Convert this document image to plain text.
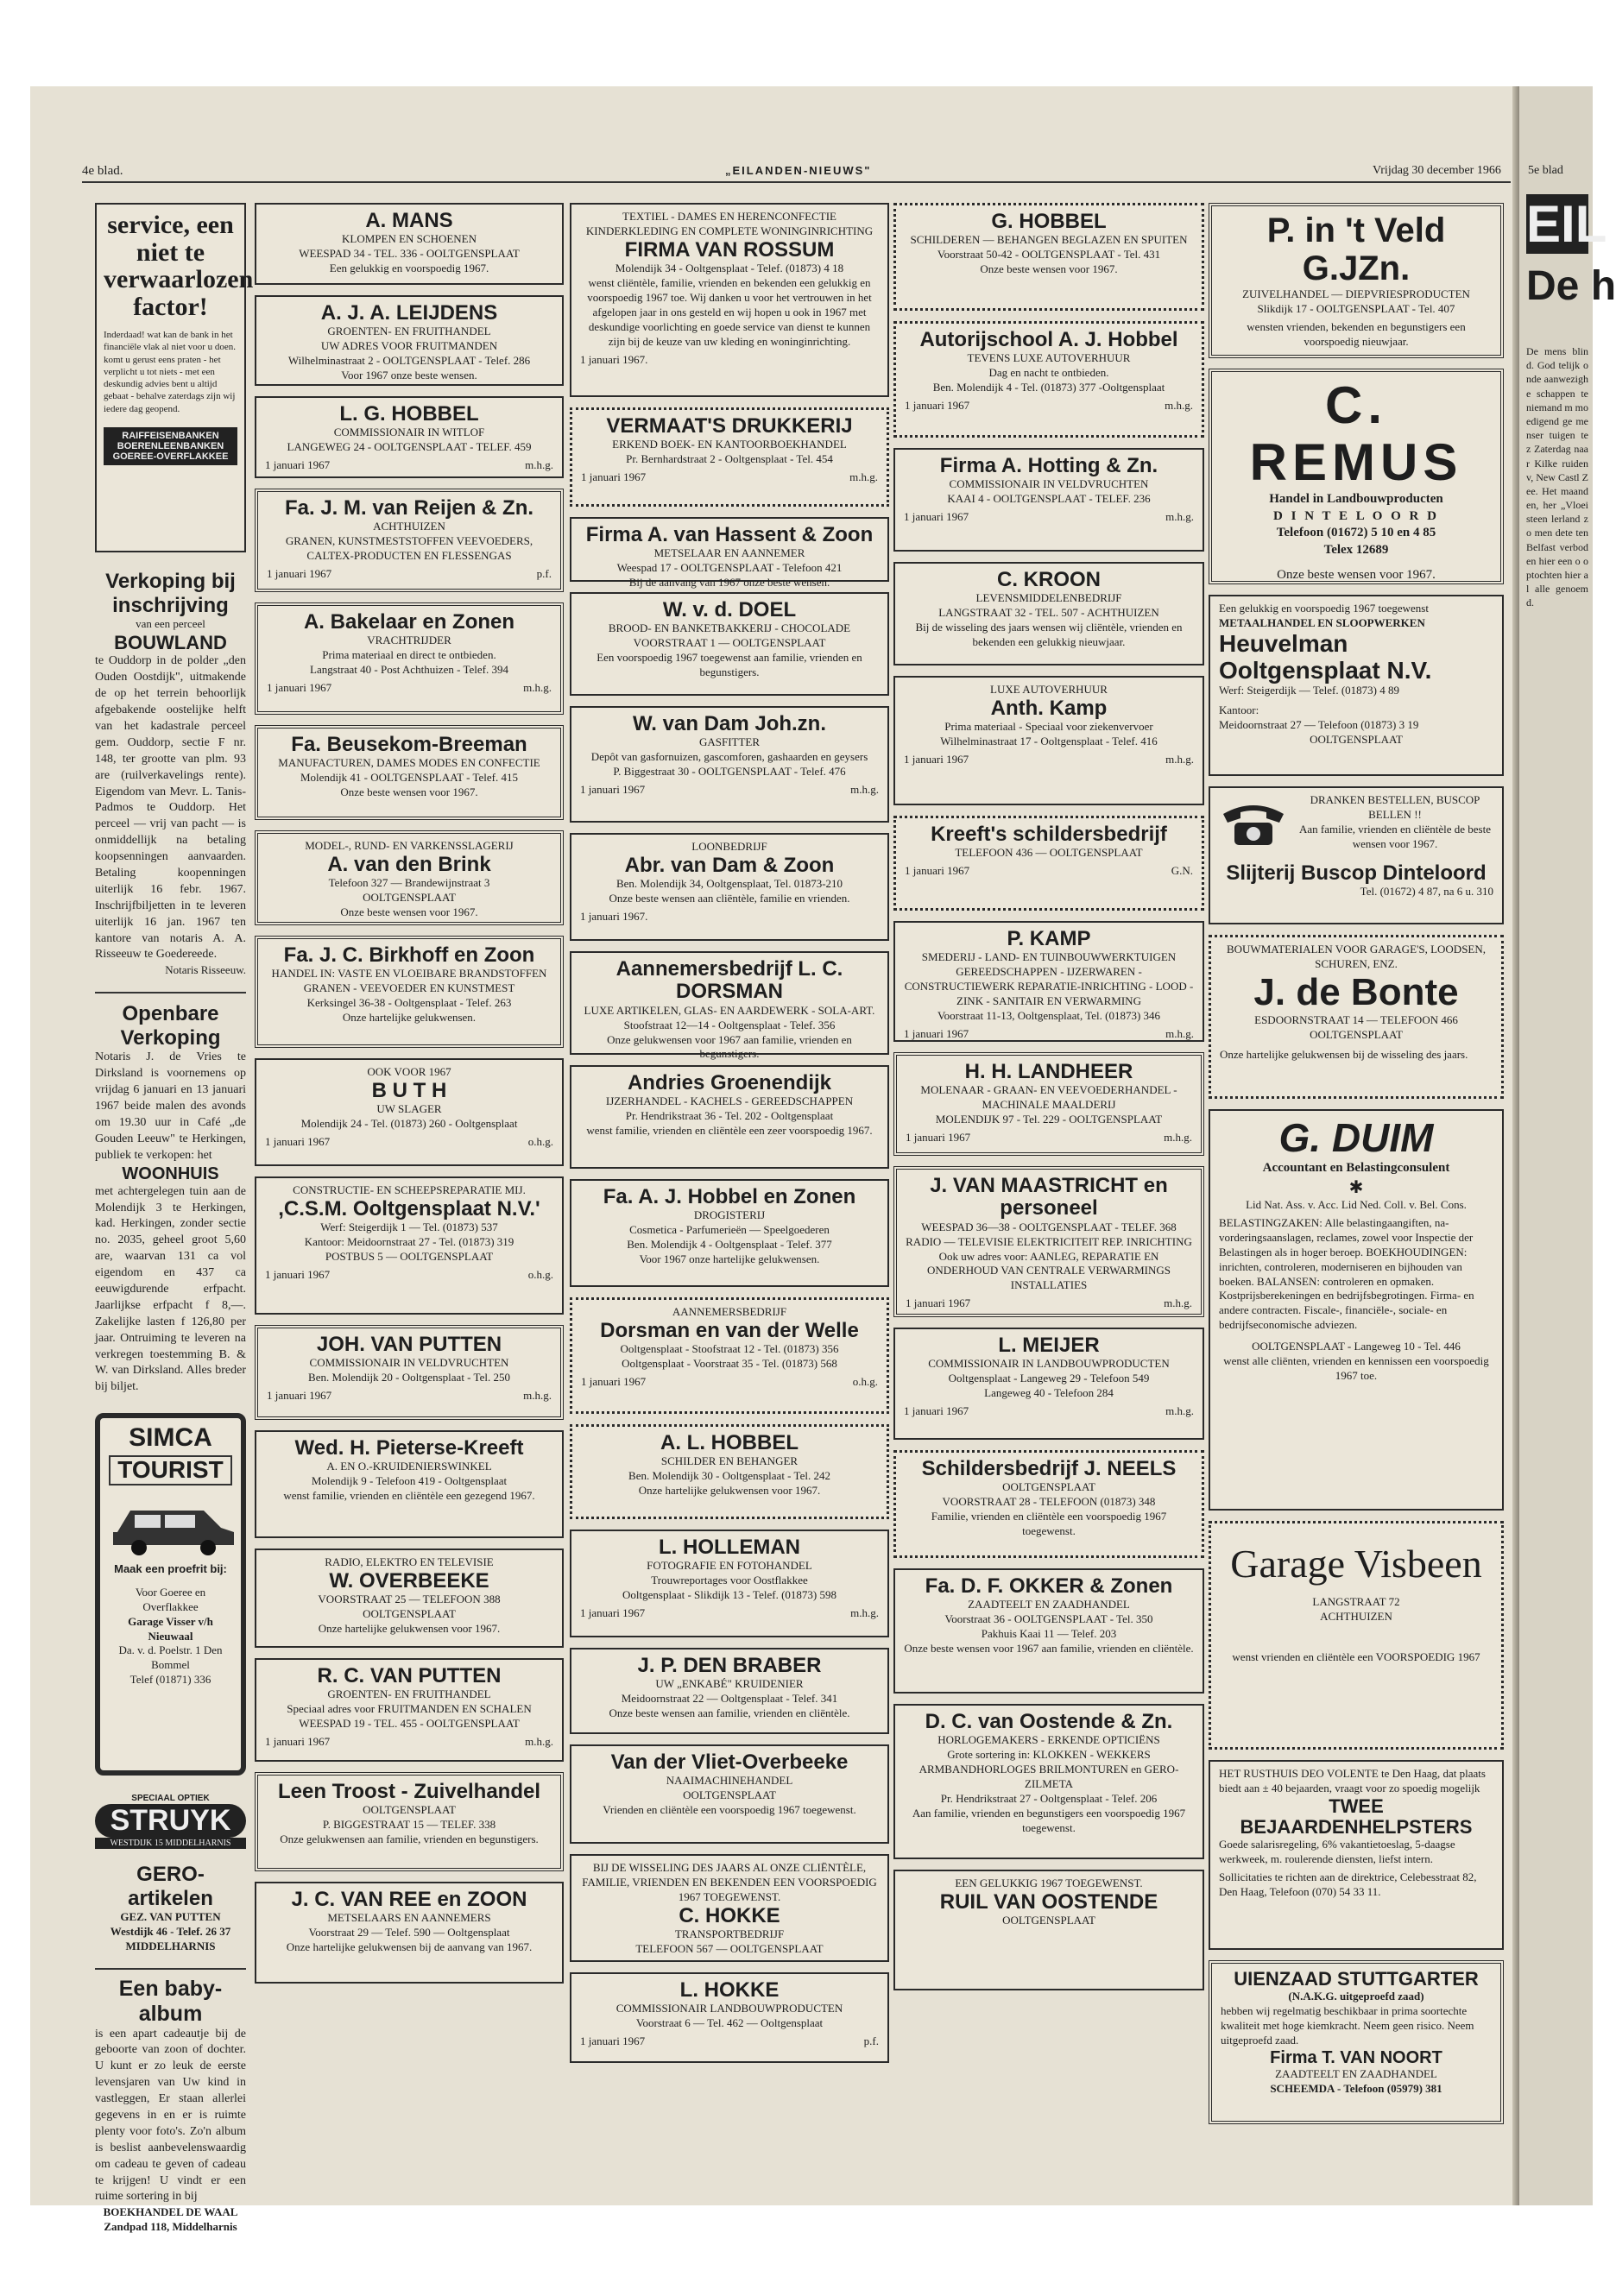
4e blad.	„EILANDEN-NIEUWS"	Vrijdag 30 december 1966 5e blad
service, een niet te verwaarlozen factor!
Inderdaad! wat kan de bank in het financiële vlak al niet voor u doen. komt u gerust eens praten - het verplicht u tot niets - met een deskundig advies bent u altijd gebaat - behalve zaterdags zijn wij iedere dag geopend.
RAIFFEISENBANKEN BOERENLEENBANKEN GOEREE-OVERFLAKKEE
Verkoping bij inschrijving
van een perceel
BOUWLAND
te Ouddorp in de polder „den Ouden Oostdijk", uitmakende de op het terrein behoorlijk afgebakende oostelijke helft van het kadastrale perceel gem. Ouddorp, sectie F nr. 148, ter grootte van plm. 93 are (ruilverkavelings rente). Eigendom van Mevr. L. Tanis-Padmos te Ouddorp. Het perceel — vrij van pacht — is onmiddellijk na betaling koopsenningen aanvaarden. Betaling koopenningen uiterlijk 16 febr. 1967. Inschrijfbiljetten in te leveren uiterlijk 16 jan. 1967 ten kantore van notaris A. A. Risseeuw te Goedereede.
Notaris Risseeuw.
Openbare Verkoping
Notaris J. de Vries te Dirksland is voornemens op vrijdag 6 januari en 13 januari 1967 beide malen des avonds om 19.30 uur in Café „de Gouden Leeuw" te Herkingen, publiek te verkopen: het
WOONHUIS
met achtergelegen tuin aan de Molendijk 3 te Herkingen, kad. Herkingen, zonder sectie no. 2035, geheel groot 5,60 are, waarvan 131 ca vol eigendom en 437 ca eeuwigdurende erfpacht. Jaarlijkse erfpacht f 8,—. Zakelijke lasten f 126,80 per jaar. Ontruiming te leveren na verkregen toestemming B. & W. van Dirksland. Alles breder bij biljet.
SIMCA
TOURIST
Maak een proefrit bij:
Voor Goeree en Overflakkee
Garage Visser v/h Nieuwaal
Da. v. d. Poelstr. 1 Den Bommel
Telef (01871) 336
SPECIAAL OPTIEK
STRUYK
WESTDIJK 15 MIDDELHARNIS
GERO-artikelen
GEZ. VAN PUTTEN
Westdijk 46 - Telef. 26 37
MIDDELHARNIS
Een baby-album
is een apart cadeautje bij de geboorte van zoon of dochter. U kunt er zo leuk de eerste levensjaren van Uw kind in vastleggen, Er staan allerlei gegevens in en er is ruimte plenty voor foto's. Zo'n album is beslist aanbevelenswaardig om cadeau te geven of cadeau te krijgen! U vindt er een ruime sortering in bij
BOEKHANDEL DE WAAL
Zandpad 118, Middelharnis
A. MANS
KLOMPEN EN SCHOENEN
WEESPAD 34 - TEL. 336 - OOLTGENSPLAAT
Een gelukkig en voorspoedig 1967.
A. J. A. LEIJDENS
GROENTEN- EN FRUITHANDEL
UW ADRES VOOR FRUITMANDEN
Wilhelminastraat 2 - OOLTGENSPLAAT - Telef. 286
Voor 1967 onze beste wensen.
L. G. HOBBEL
COMMISSIONAIR IN WITLOF
LANGEWEG 24 - OOLTGENSPLAAT - TELEF. 459
1 januari 1967	m.h.g.
Fa. J. M. van Reijen & Zn.
ACHTHUIZEN
GRANEN, KUNSTMESTSTOFFEN VEEVOEDERS, CALTEX-PRODUCTEN EN FLESSENGAS
1 januari 1967	p.f.
A. Bakelaar en Zonen
VRACHTRIJDER
Prima materiaal en direct te ontbieden.
Langstraat 40 - Post Achthuizen - Telef. 394
1 januari 1967	m.h.g.
Fa. Beusekom-Breeman
MANUFACTUREN, DAMES MODES EN CONFECTIE
Molendijk 41 - OOLTGENSPLAAT - Telef. 415
Onze beste wensen voor 1967.
MODEL-, RUND- EN VARKENSSLAGERIJ
A. van den Brink
Telefoon 327 — Brandewijnstraat 3
OOLTGENSPLAAT
Onze beste wensen voor 1967.
Fa. J. C. Birkhoff en Zoon
HANDEL IN: VASTE EN VLOEIBARE BRANDSTOFFEN GRANEN - VEEVOEDER EN KUNSTMEST
Kerksingel 36-38 - Ooltgensplaat - Telef. 263
Onze hartelijke gelukwensen.
OOK VOOR 1967
B U T H
UW SLAGER
Molendijk 24 - Tel. (01873) 260 - Ooltgensplaat
1 januari 1967	o.h.g.
CONSTRUCTIE- EN SCHEEPSREPARATIE MIJ.
,C.S.M. Ooltgensplaat N.V.'
Werf: Steigerdijk 1 — Tel. (01873) 537
Kantoor: Meidoornstraat 27 - Tel. (01873) 319
POSTBUS 5 — OOLTGENSPLAAT
1 januari 1967	o.h.g.
JOH. VAN PUTTEN
COMMISSIONAIR IN VELDVRUCHTEN
Ben. Molendijk 20 - Ooltgensplaat - Tel. 250
1 januari 1967	m.h.g.
Wed. H. Pieterse-Kreeft
A. EN O.-KRUIDENIERSWINKEL
Molendijk 9 - Telefoon 419 - Ooltgensplaat
wenst familie, vrienden en cliëntèle een gezegend 1967.
RADIO, ELEKTRO EN TELEVISIE
W. OVERBEEKE
VOORSTRAAT 25 — TELEFOON 388
OOLTGENSPLAAT
Onze hartelijke gelukwensen voor 1967.
R. C. VAN PUTTEN
GROENTEN- EN FRUITHANDEL
Speciaal adres voor FRUITMANDEN EN SCHALEN
WEESPAD 19 - TEL. 455 - OOLTGENSPLAAT
1 januari 1967	m.h.g.
Leen Troost - Zuivelhandel
OOLTGENSPLAAT
P. BIGGESTRAAT 15 — TELEF. 338
Onze gelukwensen aan familie, vrienden en begunstigers.
J. C. VAN REE en ZOON
METSELAARS EN AANNEMERS
Voorstraat 29 — Telef. 590 — Ooltgensplaat
Onze hartelijke gelukwensen bij de aanvang van 1967.
TEXTIEL - DAMES EN HERENCONFECTIE KINDERKLEDING EN COMPLETE WONINGINRICHTING
FIRMA VAN ROSSUM
Molendijk 34 - Ooltgensplaat - Telef. (01873) 4 18
wenst cliëntèle, familie, vrienden en bekenden een gelukkig en voorspoedig 1967 toe. Wij danken u voor het vertrouwen in het afgelopen jaar in ons gesteld en wij hopen u ook in 1967 met deskundige voorlichting en goede service van dienst te kunnen zijn bij de keuze van uw kleding en woninginrichting.
1 januari 1967.
VERMAAT'S DRUKKERIJ
ERKEND BOEK- EN KANTOORBOEKHANDEL
Pr. Bernhardstraat 2 - Ooltgensplaat - Tel. 454
1 januari 1967	m.h.g.
Firma A. van Hassent & Zoon
METSELAAR EN AANNEMER
Weespad 17 - OOLTGENSPLAAT - Telefoon 421
Bij de aanvang van 1967 onze beste wensen.
W. v. d. DOEL
BROOD- EN BANKETBAKKERIJ - CHOCOLADE
VOORSTRAAT 1 — OOLTGENSPLAAT
Een voorspoedig 1967 toegewenst aan familie, vrienden en begunstigers.
W. van Dam Joh.zn.
GASFITTER
Depôt van gasfornuizen, gascomforen, gashaarden en geysers
P. Biggestraat 30 - OOLTGENSPLAAT - Telef. 476
1 januari 1967	m.h.g.
LOONBEDRIJF
Abr. van Dam & Zoon
Ben. Molendijk 34, Ooltgensplaat, Tel. 01873-210
Onze beste wensen aan cliëntèle, familie en vrienden.
1 januari 1967.
Aannemersbedrijf L. C. DORSMAN
LUXE ARTIKELEN, GLAS- EN AARDEWERK - SOLA-ART.
Stoofstraat 12—14 - Ooltgensplaat - Telef. 356
Onze gelukwensen voor 1967 aan familie, vrienden en begunstigers.
Andries Groenendijk
IJZERHANDEL - KACHELS - GEREEDSCHAPPEN
Pr. Hendrikstraat 36 - Tel. 202 - Ooltgensplaat
wenst familie, vrienden en cliëntèle een zeer voorspoedig 1967.
Fa. A. J. Hobbel en Zonen
DROGISTERIJ
Cosmetica - Parfumerieën — Speelgoederen
Ben. Molendijk 4 - Ooltgensplaat - Telef. 377
Voor 1967 onze hartelijke gelukwensen.
AANNEMERSBEDRIJF
Dorsman en van der Welle
Ooltgensplaat - Stoofstraat 12 - Tel. (01873) 356
Ooltgensplaat - Voorstraat 35 - Tel. (01873) 568
1 januari 1967	o.h.g.
A. L. HOBBEL
SCHILDER EN BEHANGER
Ben. Molendijk 30 - Ooltgensplaat - Tel. 242
Onze hartelijke gelukwensen voor 1967.
L. HOLLEMAN
FOTOGRAFIE EN FOTOHANDEL
Trouwreportages voor Oostflakkee
Ooltgensplaat - Slikdijk 13 - Telef. (01873) 598
1 januari 1967	m.h.g.
J. P. DEN BRABER
UW „ENKABÉ" KRUIDENIER
Meidoornstraat 22 — Ooltgensplaat - Telef. 341
Onze beste wensen aan familie, vrienden en cliëntèle.
Van der Vliet-Overbeeke
NAAIMACHINEHANDEL
OOLTGENSPLAAT
Vrienden en cliëntèle een voorspoedig 1967 toegewenst.
BIJ DE WISSELING DES JAARS AL ONZE CLIËNTÈLE, FAMILIE, VRIENDEN EN BEKENDEN EEN VOORSPOEDIG 1967 TOEGEWENST.
C. HOKKE
TRANSPORTBEDRIJF
TELEFOON 567 — OOLTGENSPLAAT
L. HOKKE
COMMISSIONAIR LANDBOUWPRODUCTEN
Voorstraat 6 — Tel. 462 — Ooltgensplaat
1 januari 1967	p.f.
G. HOBBEL
SCHILDEREN — BEHANGEN BEGLAZEN EN SPUITEN
Voorstraat 50-42 - OOLTGENSPLAAT - Tel. 431
Onze beste wensen voor 1967.
Autorijschool A. J. Hobbel
TEVENS LUXE AUTOVERHUUR
Dag en nacht te ontbieden.
Ben. Molendijk 4 - Tel. (01873) 377 -Ooltgensplaat
1 januari 1967	m.h.g.
Firma A. Hotting & Zn.
COMMISSIONAIR IN VELDVRUCHTEN
KAAI 4 - OOLTGENSPLAAT - TELEF. 236
1 januari 1967	m.h.g.
C. KROON
LEVENSMIDDELENBEDRIJF
LANGSTRAAT 32 - TEL. 507 - ACHTHUIZEN
Bij de wisseling des jaars wensen wij cliëntèle, vrienden en bekenden een gelukkig nieuwjaar.
LUXE AUTOVERHUUR
Anth. Kamp
Prima materiaal - Speciaal voor ziekenvervoer
Wilhelminastraat 17 - Ooltgensplaat - Telef. 416
1 januari 1967	m.h.g.
Kreeft's schildersbedrijf
TELEFOON 436 — OOLTGENSPLAAT
1 januari 1967	G.N.
P. KAMP
SMEDERIJ - LAND- EN TUINBOUWWERKTUIGEN GEREEDSCHAPPEN - IJZERWAREN - CONSTRUCTIEWERK REPARATIE-INRICHTING - LOOD - ZINK - SANITAIR EN VERWARMING
Voorstraat 11-13, Ooltgensplaat, Tel. (01873) 346
1 januari 1967	m.h.g.
H. H. LANDHEER
MOLENAAR - GRAAN- EN VEEVOEDERHANDEL - MACHINALE MAALDERIJ
MOLENDIJK 97 - Tel. 229 - OOLTGENSPLAAT
1 januari 1967	m.h.g.
J. VAN MAASTRICHT en personeel
WEESPAD 36—38 - OOLTGENSPLAAT - TELEF. 368
RADIO — TELEVISIE ELEKTRICITEIT REP. INRICHTING
Ook uw adres voor: AANLEG, REPARATIE EN ONDERHOUD VAN CENTRALE VERWARMINGS INSTALLATIES
1 januari 1967	m.h.g.
L. MEIJER
COMMISSIONAIR IN LANDBOUWPRODUCTEN
Ooltgensplaat - Langeweg 29 - Telefoon 549
Langeweg 40 - Telefoon 284
1 januari 1967	m.h.g.
Schildersbedrijf J. NEELS
OOLTGENSPLAAT
VOORSTRAAT 28 - TELEFOON (01873) 348
Familie, vrienden en cliëntèle een voorspoedig 1967 toegewenst.
Fa. D. F. OKKER & Zonen
ZAADTEELT EN ZAADHANDEL
Voorstraat 36 - OOLTGENSPLAAT - Tel. 350
Pakhuis Kaai 11 — Telef. 203
Onze beste wensen voor 1967 aan familie, vrienden en cliëntèle.
D. C. van Oostende & Zn.
HORLOGEMAKERS - ERKENDE OPTICIËNS
Grote sortering in: KLOKKEN - WEKKERS ARMBANDHORLOGES BRILMONTUREN en GERO-ZILMETA
Pr. Hendrikstraat 27 - Ooltgensplaat - Telef. 206
Aan familie, vrienden en begunstigers een voorspoedig 1967 toegewenst.
EEN GELUKKIG 1967 TOEGEWENST.
RUIL VAN OOSTENDE
OOLTGENSPLAAT
P. in 't Veld G.JZn.
ZUIVELHANDEL — DIEPVRIESPRODUCTEN
Slikdijk 17 - OOLTGENSPLAAT - Tel. 407
wensten vrienden, bekenden en begunstigers een voorspoedig nieuwjaar.
C. REMUS
Handel in Landbouwproducten
D I N T E L O O R D
Telefoon (01672) 5 10 en 4 85
Telex 12689
Onze beste wensen voor 1967.
Een gelukkig en voorspoedig 1967 toegewenst
METAALHANDEL EN SLOOPWERKEN
Heuvelman Ooltgensplaat N.V.
Werf: Steigerdijk — Telef. (01873) 4 89
Kantoor:
Meidoornstraat 27 — Telefoon (01873) 3 19
OOLTGENSPLAAT
DRANKEN BESTELLEN, BUSCOP BELLEN !!
Aan familie, vrienden en cliëntèle de beste wensen voor 1967.
Slijterij Buscop Dinteloord
Tel. (01672) 4 87, na 6 u. 310
BOUWMATERIALEN VOOR GARAGE'S, LOODSEN, SCHUREN, ENZ.
J. de Bonte
ESDOORNSTRAAT 14 — TELEFOON 466 OOLTGENSPLAAT
Onze hartelijke gelukwensen bij de wisseling des jaars.
G. DUIM
Accountant en Belastingconsulent
✱
Lid Nat. Ass. v. Acc. Lid Ned. Coll. v. Bel. Cons.
BELASTINGZAKEN: Alle belastingaangiften, na-vorderingsaanslagen, reclames, zowel voor Inspectie der Belastingen als in hoger beroep. BOEKHOUDINGEN: inrichten, controleren, moderniseren en bijhouden van boeken. BALANSEN: controleren en opmaken. Kostprijsberekeningen en bedrijfsbegrotingen. Firma- en andere contracten. Fiscale-, financiële-, sociale- en bedrijfseconomische adviezen.
OOLTGENSPLAAT - Langeweg 10 - Tel. 446
wenst alle cliënten, vrienden en kennissen een voorspoedig 1967 toe.
Garage Visbeen
LANGSTRAAT 72
ACHTHUIZEN
wenst vrienden en cliëntèle een VOORSPOEDIG 1967
HET RUSTHUIS DEO VOLENTE te Den Haag, dat plaats biedt aan ± 40 bejaarden, vraagt voor zo spoedig mogelijk
TWEE BEJAARDENHELPSTERS
Goede salarisregeling, 6% vakantietoeslag, 5-daagse werkweek, m. roulerende diensten, liefst intern.
Sollicitaties te richten aan de direktrice, Celebesstraat 82, Den Haag, Telefoon (070) 54 33 11.
UIENZAAD STUTTGARTER
(N.A.K.G. uitgeproefd zaad)
hebben wij regelmatig beschikbaar in prima soortechte kwaliteit met hoge kiemkracht. Neem geen risico. Neem uitgeproefd zaad.
Firma T. VAN NOORT
ZAADTEELT EN ZAADHANDEL
SCHEEMDA - Telefoon (05979) 381
EIL
De h
De mens blind. God telijk onde aanwezighe schappen te niemand m moedigend ge menser tuigen te z Zaterdag naar Kilke ruiden v, New Castl Zee. Het maanden, her „Vloeisteen lerland zo men dete ten Belfast verboden hier een o optochten hier al alle genoemd.
